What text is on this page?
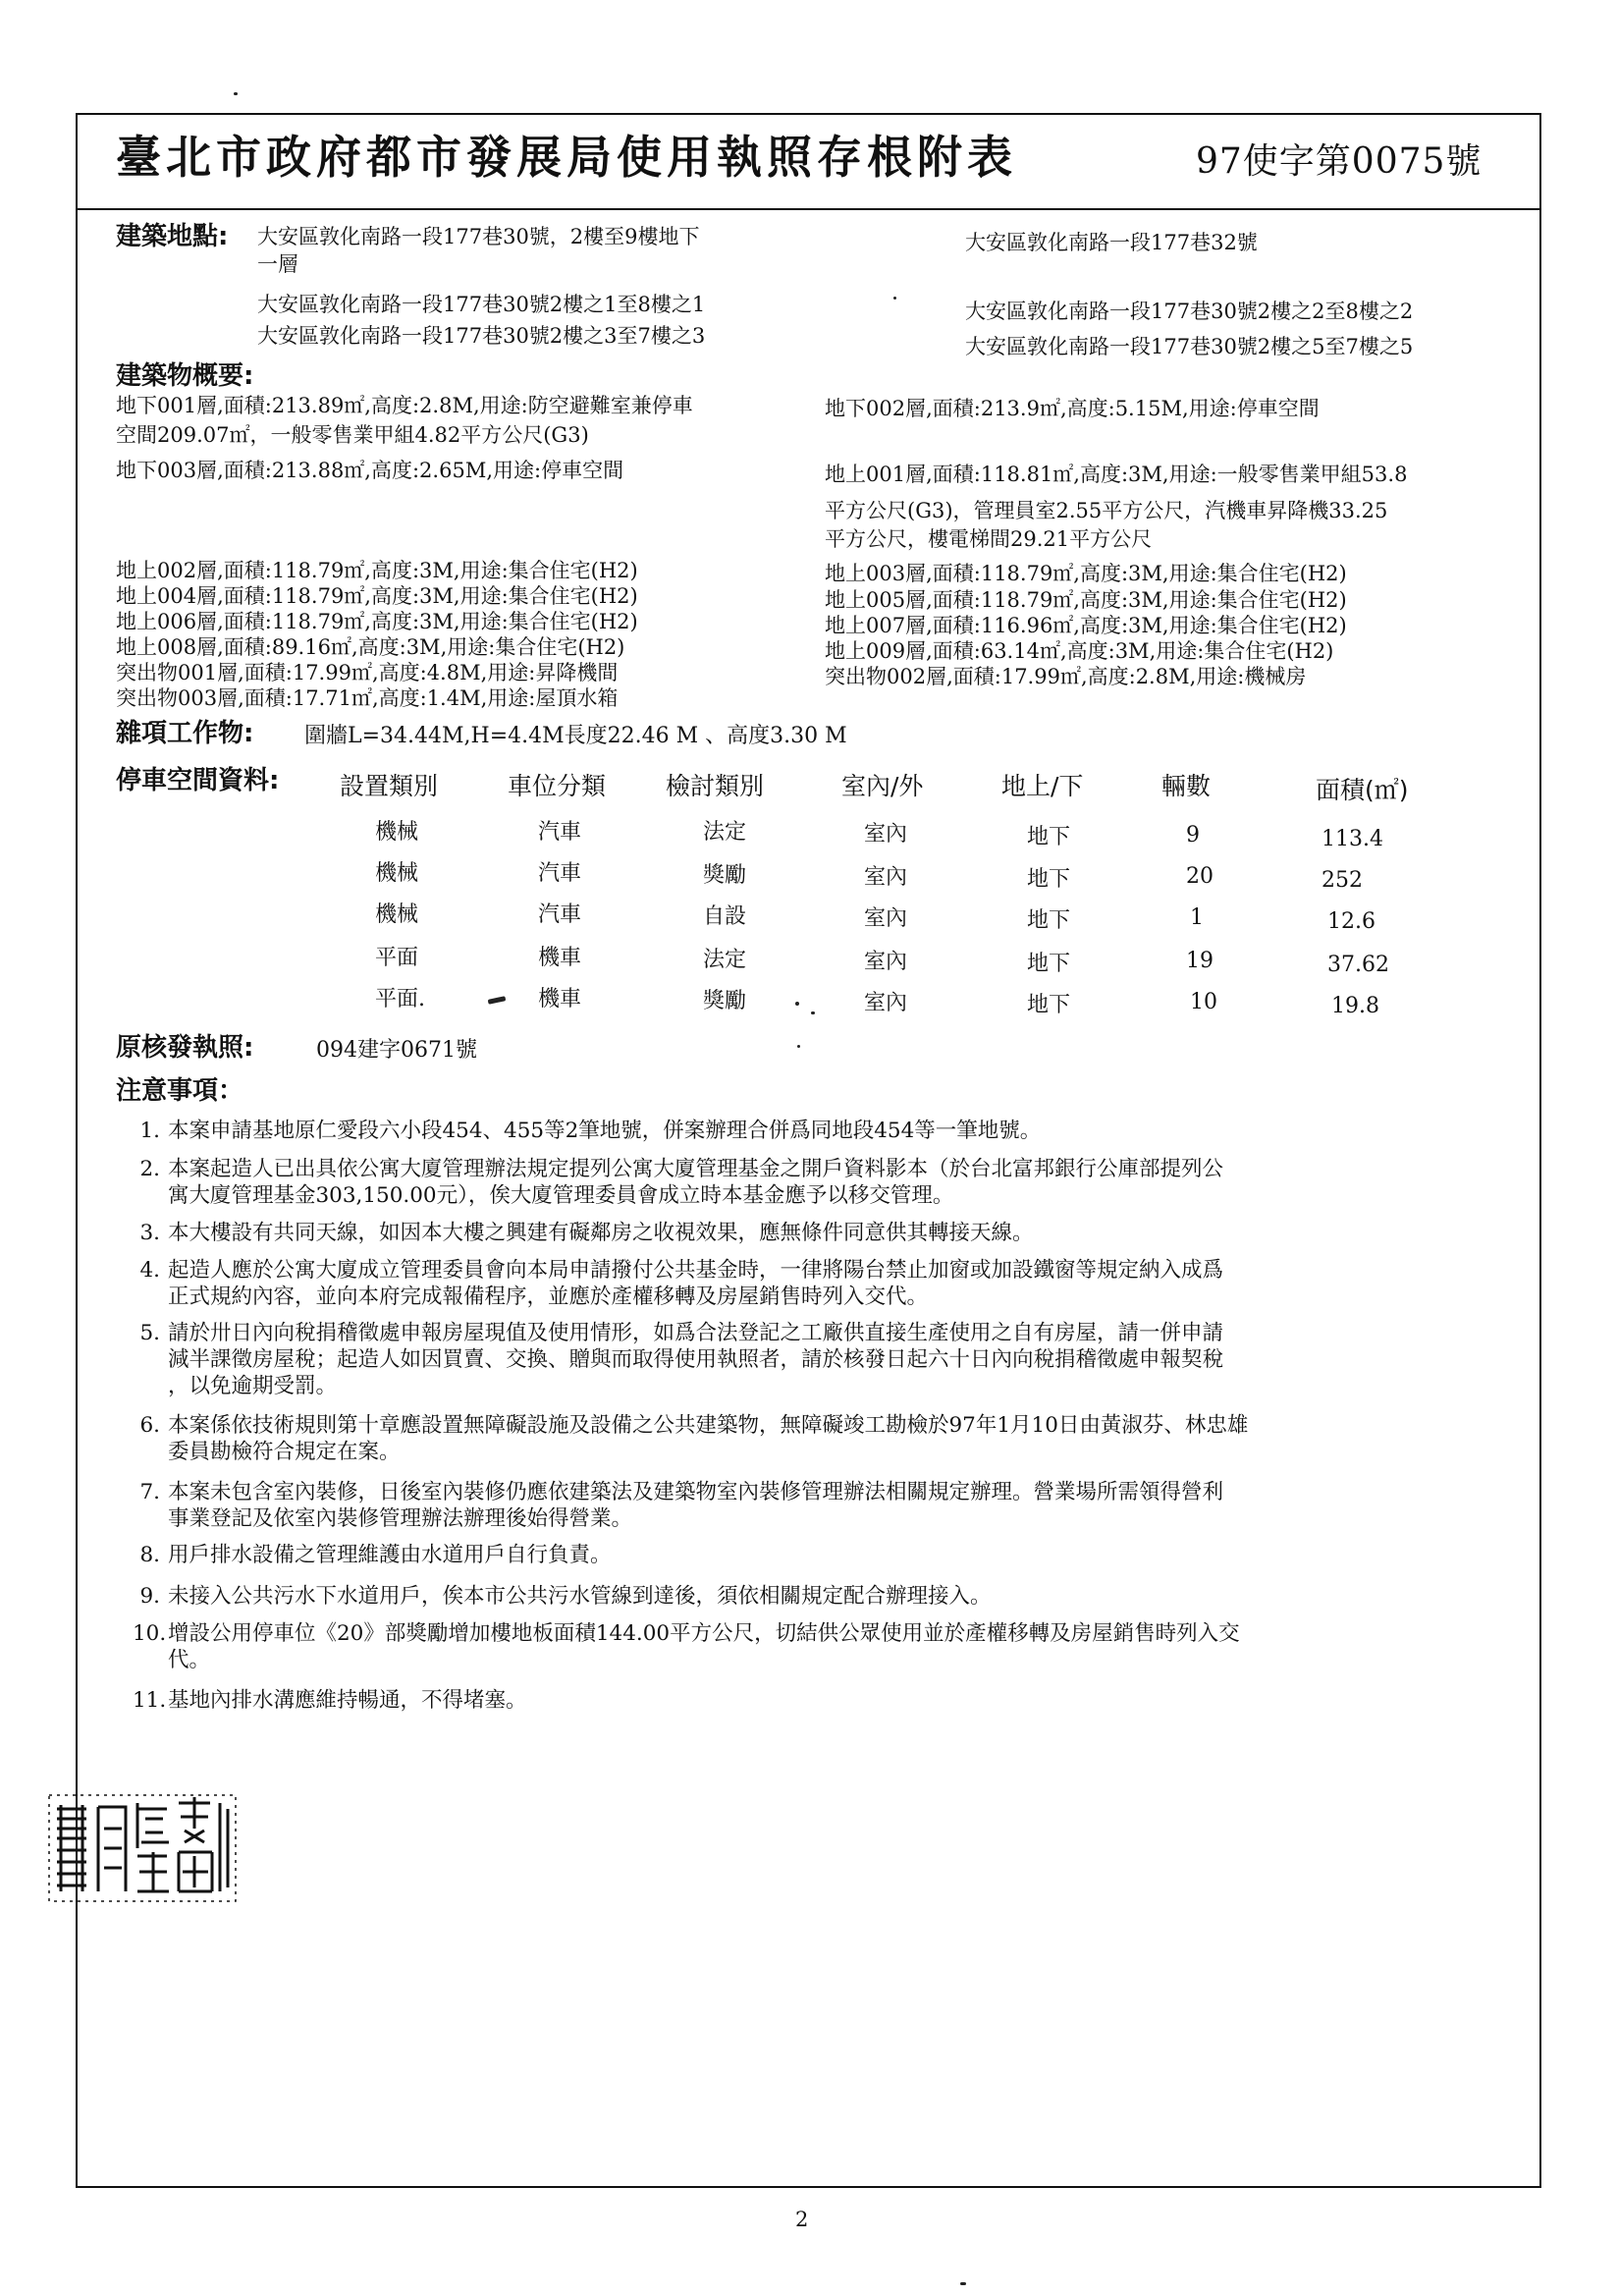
臺北市政府都市發展局使用執照存根附表	97使字第0075號
建築地點: 大安區敦化南路一段177巷30號，2樓至9樓地下
一層
大安區敦化南路一段177巷32號
大安區敦化南路一段177巷30號2樓之1至8樓之1	大安區敦化南路一段177巷30號2樓之2至8樓之2
大安區敦化南路一段177巷30號2樓之3至7樓之3	大安區敦化南路一段177巷30號2樓之5至7樓之5
建築物概要:
地下001層,面積:213.89㎡,高度:2.8M,用途:防空避難室兼停車
空間209.07㎡，一般零售業甲組4.82平方公尺(G3)
地下002層,面積:213.9㎡,高度:5.15M,用途:停車空間
地下003層,面積:213.88㎡,高度:2.65M,用途:停車空間	地上001層,面積:118.81㎡,高度:3M,用途:一般零售業甲組53.8
平方公尺(G3)，管理員室2.55平方公尺，汽機車昇降機33.25
平方公尺，樓電梯間29.21平方公尺
地上002層,面積:118.79㎡,高度:3M,用途:集合住宅(H2)	地上003層,面積:118.79㎡,高度:3M,用途:集合住宅(H2)
地上004層,面積:118.79㎡,高度:3M,用途:集合住宅(H2)	地上005層,面積:118.79㎡,高度:3M,用途:集合住宅(H2)
地上006層,面積:118.79㎡,高度:3M,用途:集合住宅(H2)	地上007層,面積:116.96㎡,高度:3M,用途:集合住宅(H2)
地上008層,面積:89.16㎡,高度:3M,用途:集合住宅(H2)	地上009層,面積:63.14㎡,高度:3M,用途:集合住宅(H2)
突出物001層,面積:17.99㎡,高度:4.8M,用途:昇降機間	突出物002層,面積:17.99㎡,高度:2.8M,用途:機械房
突出物003層,面積:17.71㎡,高度:1.4M,用途:屋頂水箱
雜項工作物: 圍牆L=34.44M,H=4.4M長度22.46 M 、高度3.30 M
停車空間資料: 設置類別	車位分類 檢討類別	室內/外	地上/下	輛數	面積(㎡)
機械	汽車	法定	室內	地下	9	113.4
機械	汽車	獎勵	室內	地下	20	252
機械	汽車	自設	室內	地下	1	12.6
平面	機車	法定	室內	地下	19	37.62
平面.	機車	獎勵	室內	地下	10	19.8
原核發執照:	094建字0671號
注意事項：
1. 本案申請基地原仁愛段六小段454、455等2筆地號，併案辦理合併爲同地段454等一筆地號。
2. 本案起造人已出具依公寓大廈管理辦法規定提列公寓大廈管理基金之開戶資料影本（於台北富邦銀行公庫部提列公
寓大廈管理基金303,150.00元），俟大廈管理委員會成立時本基金應予以移交管理。
3. 本大樓設有共同天線，如因本大樓之興建有礙鄰房之收視效果，應無條件同意供其轉接天線。
4. 起造人應於公寓大廈成立管理委員會向本局申請撥付公共基金時，一律將陽台禁止加窗或加設鐵窗等規定納入成爲
正式規約內容，並向本府完成報備程序，並應於產權移轉及房屋銷售時列入交代。
5. 請於卅日內向稅捐稽徵處申報房屋現值及使用情形，如爲合法登記之工廠供直接生產使用之自有房屋，請一併申請
減半課徵房屋稅；起造人如因買賣、交換、贈與而取得使用執照者，請於核發日起六十日內向稅捐稽徵處申報契稅
，以免逾期受罰。
6. 本案係依技術規則第十章應設置無障礙設施及設備之公共建築物，無障礙竣工勘檢於97年1月10日由黃淑芬、林忠雄
委員勘檢符合規定在案。
7. 本案未包含室內裝修，日後室內裝修仍應依建築法及建築物室內裝修管理辦法相關規定辦理。營業場所需領得營利
事業登記及依室內裝修管理辦法辦理後始得營業。
8. 用戶排水設備之管理維護由水道用戶自行負責。
9. 未接入公共污水下水道用戶，俟本市公共污水管線到達後，須依相關規定配合辦理接入。
10. 增設公用停車位《20》部獎勵增加樓地板面積144.00平方公尺，切結供公眾使用並於產權移轉及房屋銷售時列入交
代。
11. 基地內排水溝應維持暢通，不得堵塞。
2
